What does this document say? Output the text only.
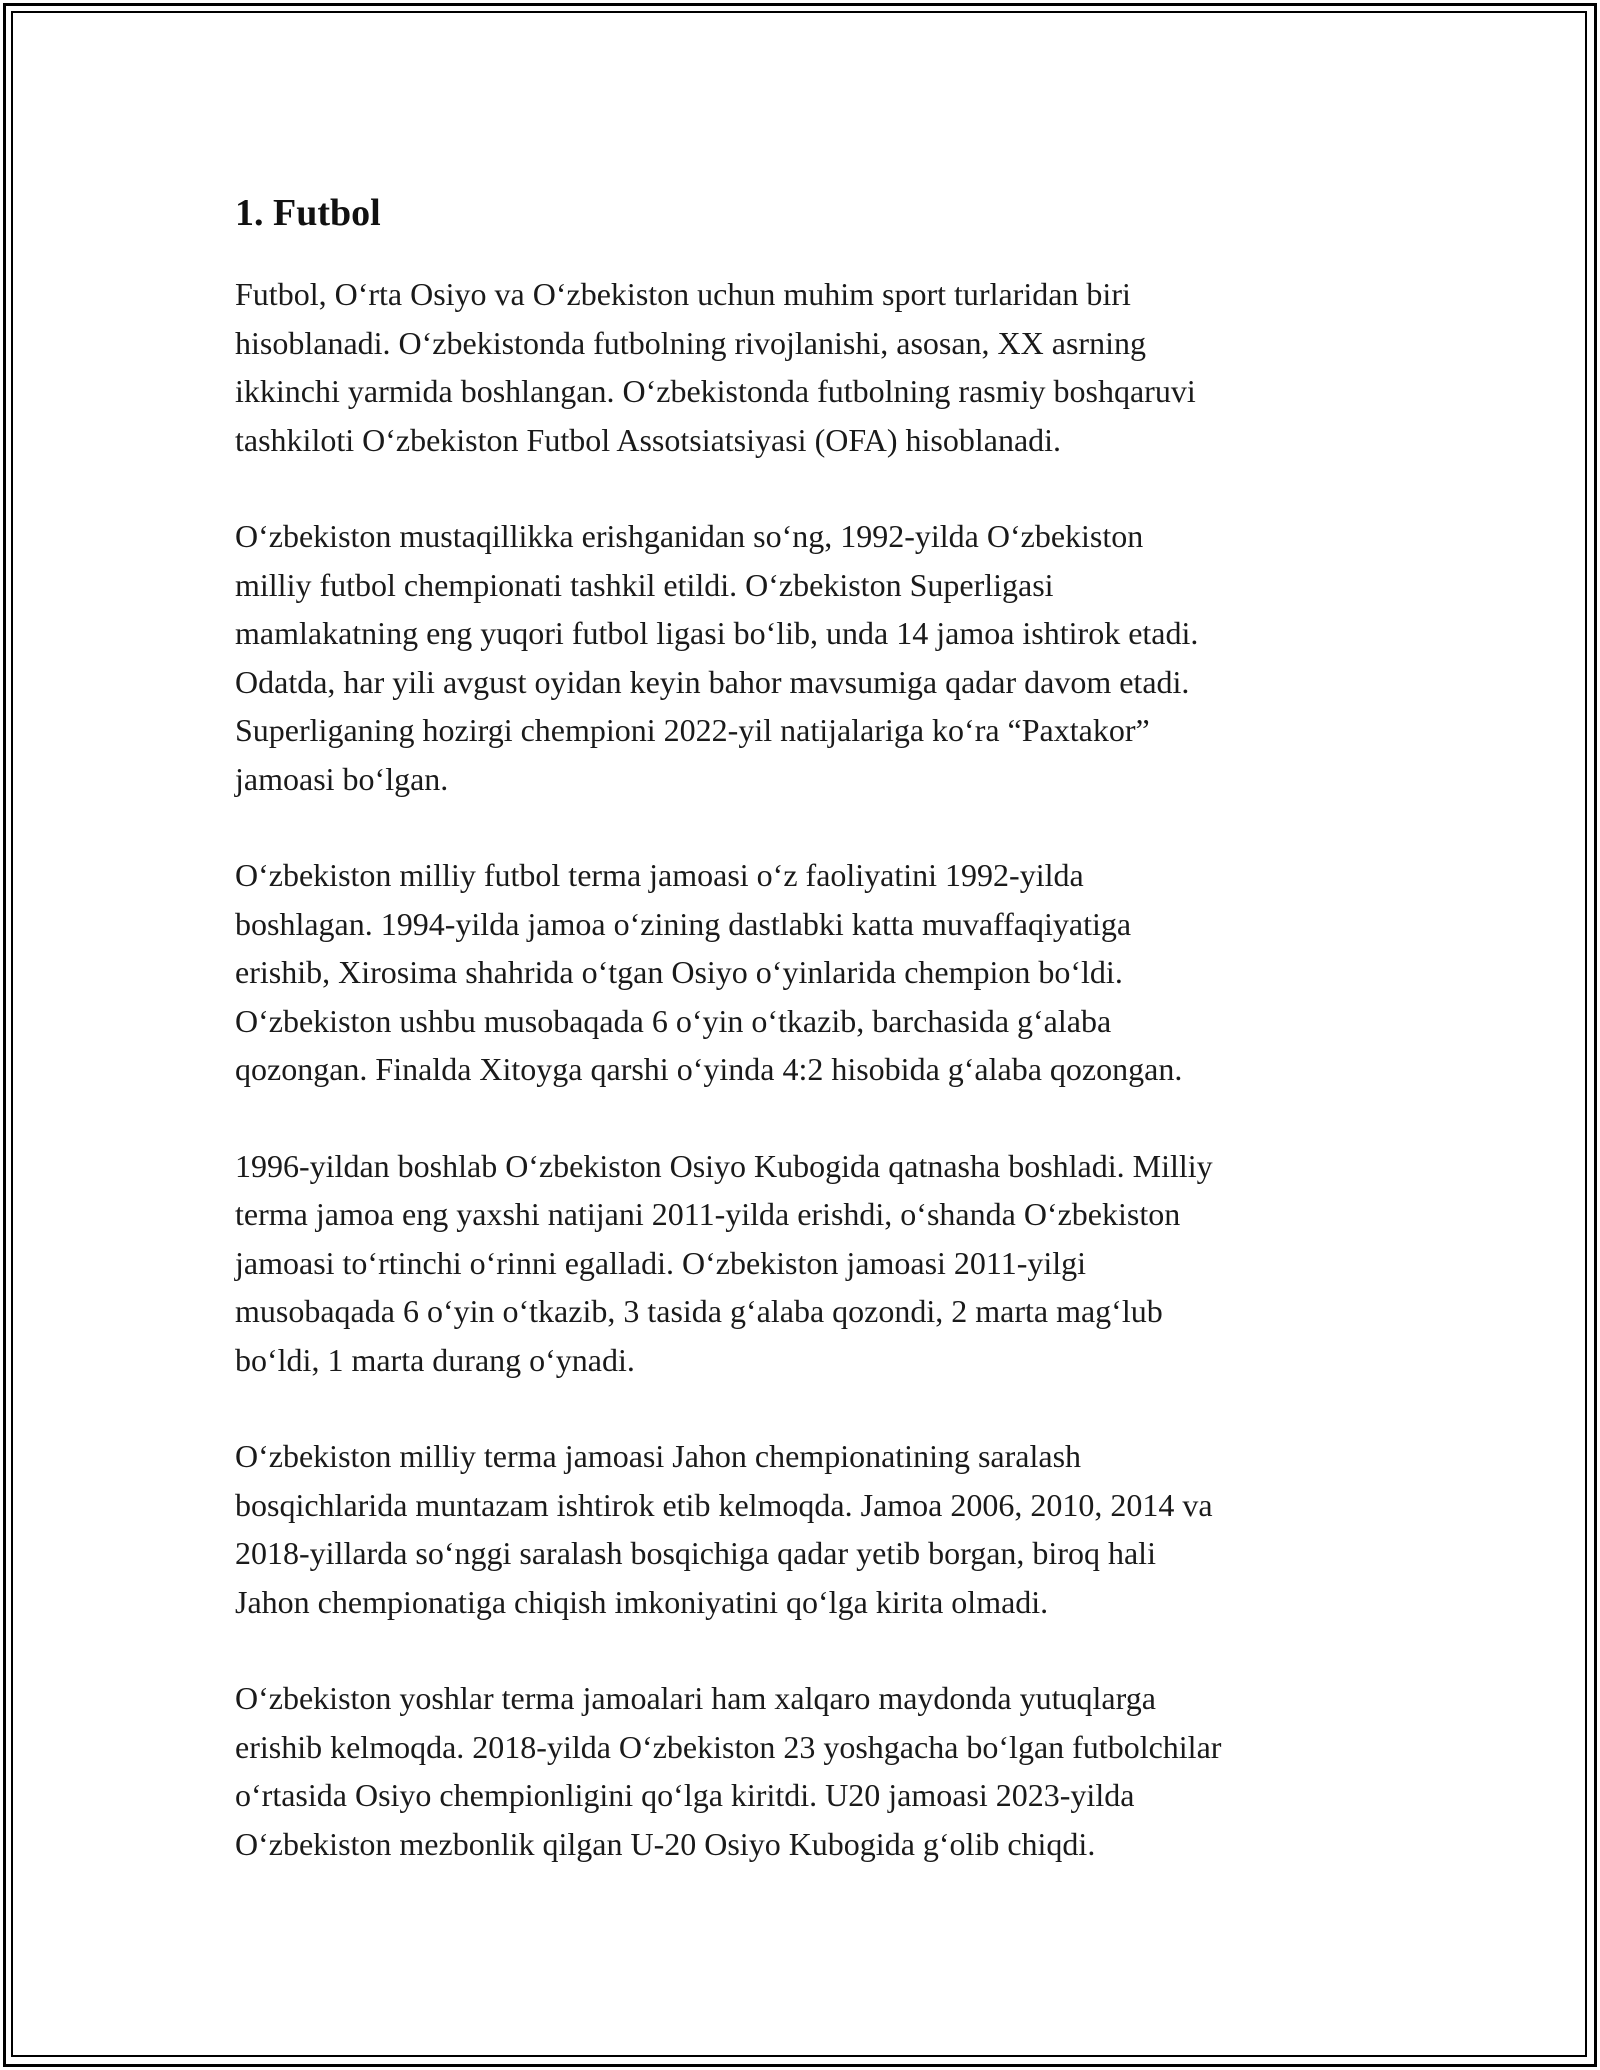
1. Futbol

Futbol, O‘rta Osiyo va O‘zbekiston uchun muhim sport turlaridan biri
hisoblanadi. O‘zbekistonda futbolning rivojlanishi, asosan, XX asrning
ikkinchi yarmida boshlangan. O‘zbekistonda futbolning rasmiy boshqaruvi
tashkiloti O‘zbekiston Futbol Assotsiatsiyasi (OFA) hisoblanadi.

O‘zbekiston mustaqillikka erishganidan so‘ng, 1992-yilda O‘zbekiston
milliy futbol chempionati tashkil etildi. O‘zbekiston Superligasi
mamlakatning eng yuqori futbol ligasi bo‘lib, unda 14 jamoa ishtirok etadi.
Odatda, har yili avgust oyidan keyin bahor mavsumiga qadar davom etadi.
Superliganing hozirgi chempioni 2022-yil natijalariga ko‘ra “Paxtakor”
jamoasi bo‘lgan.

O‘zbekiston milliy futbol terma jamoasi o‘z faoliyatini 1992-yilda
boshlagan. 1994-yilda jamoa o‘zining dastlabki katta muvaffaqiyatiga
erishib, Xirosima shahrida o‘tgan Osiyo o‘yinlarida chempion bo‘ldi.
O‘zbekiston ushbu musobaqada 6 o‘yin o‘tkazib, barchasida g‘alaba
qozongan. Finalda Xitoyga qarshi o‘yinda 4:2 hisobida g‘alaba qozongan.

1996-yildan boshlab O‘zbekiston Osiyo Kubogida qatnasha boshladi. Milliy
terma jamoa eng yaxshi natijani 2011-yilda erishdi, o‘shanda O‘zbekiston
jamoasi to‘rtinchi o‘rinni egalladi. O‘zbekiston jamoasi 2011-yilgi
musobaqada 6 o‘yin o‘tkazib, 3 tasida g‘alaba qozondi, 2 marta mag‘lub
bo‘ldi, 1 marta durang o‘ynadi.

O‘zbekiston milliy terma jamoasi Jahon chempionatining saralash
bosqichlarida muntazam ishtirok etib kelmoqda. Jamoa 2006, 2010, 2014 va
2018-yillarda so‘nggi saralash bosqichiga qadar yetib borgan, biroq hali
Jahon chempionatiga chiqish imkoniyatini qo‘lga kirita olmadi.

O‘zbekiston yoshlar terma jamoalari ham xalqaro maydonda yutuqlarga
erishib kelmoqda. 2018-yilda O‘zbekiston 23 yoshgacha bo‘lgan futbolchilar
o‘rtasida Osiyo chempionligini qo‘lga kiritdi. U20 jamoasi 2023-yilda
O‘zbekiston mezbonlik qilgan U-20 Osiyo Kubogida g‘olib chiqdi.
